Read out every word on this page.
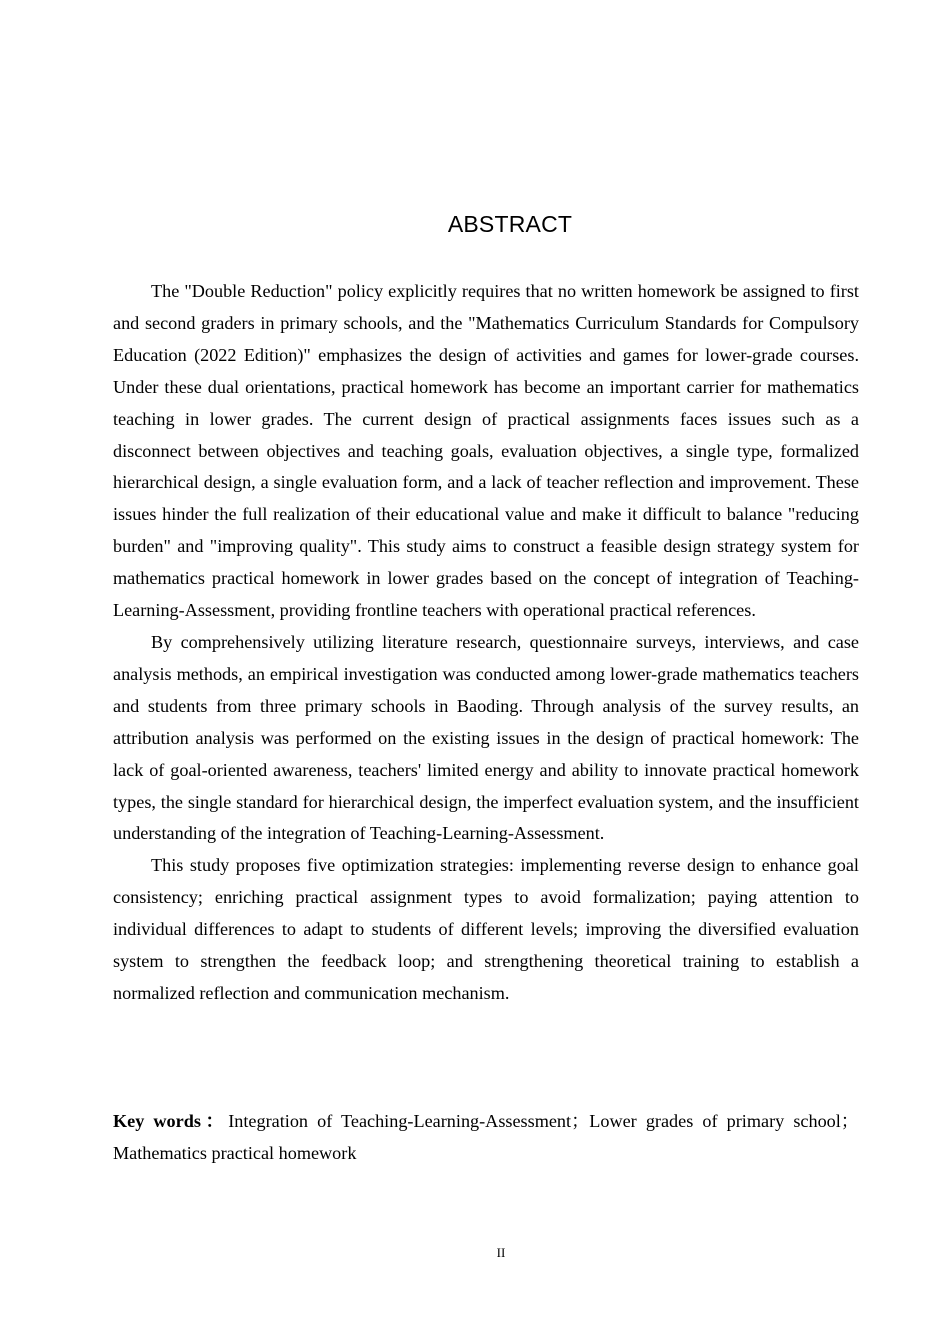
ABSTRACT

The "Double Reduction" policy explicitly requires that no written homework be assigned to first and second graders in primary schools, and the "Mathematics Curriculum Standards for Compulsory Education (2022 Edition)" emphasizes the design of activities and games for lower-grade courses. Under these dual orientations, practical homework has become an important carrier for mathematics teaching in lower grades. The current design of practical assignments faces issues such as a disconnect between objectives and teaching goals, evaluation objectives, a single type, formalized hierarchical design, a single evaluation form, and a lack of teacher reflection and improvement. These issues hinder the full realization of their educational value and make it difficult to balance "reducing burden" and "improving quality". This study aims to construct a feasible design strategy system for mathematics practical homework in lower grades based on the concept of integration of Teaching-Learning-Assessment, providing frontline teachers with operational practical references.

By comprehensively utilizing literature research, questionnaire surveys, interviews, and case analysis methods, an empirical investigation was conducted among lower-grade mathematics teachers and students from three primary schools in Baoding. Through analysis of the survey results, an attribution analysis was performed on the existing issues in the design of practical homework: The lack of goal-oriented awareness, teachers' limited energy and ability to innovate practical homework types, the single standard for hierarchical design, the imperfect evaluation system, and the insufficient understanding of the integration of Teaching-Learning-Assessment.

This study proposes five optimization strategies: implementing reverse design to enhance goal consistency; enriching practical assignment types to avoid formalization; paying attention to individual differences to adapt to students of different levels; improving the diversified evaluation system to strengthen the feedback loop; and strengthening theoretical training to establish a normalized reflection and communication mechanism.

Key words：Integration of Teaching-Learning-Assessment；Lower grades of primary school；Mathematics practical homework
II
